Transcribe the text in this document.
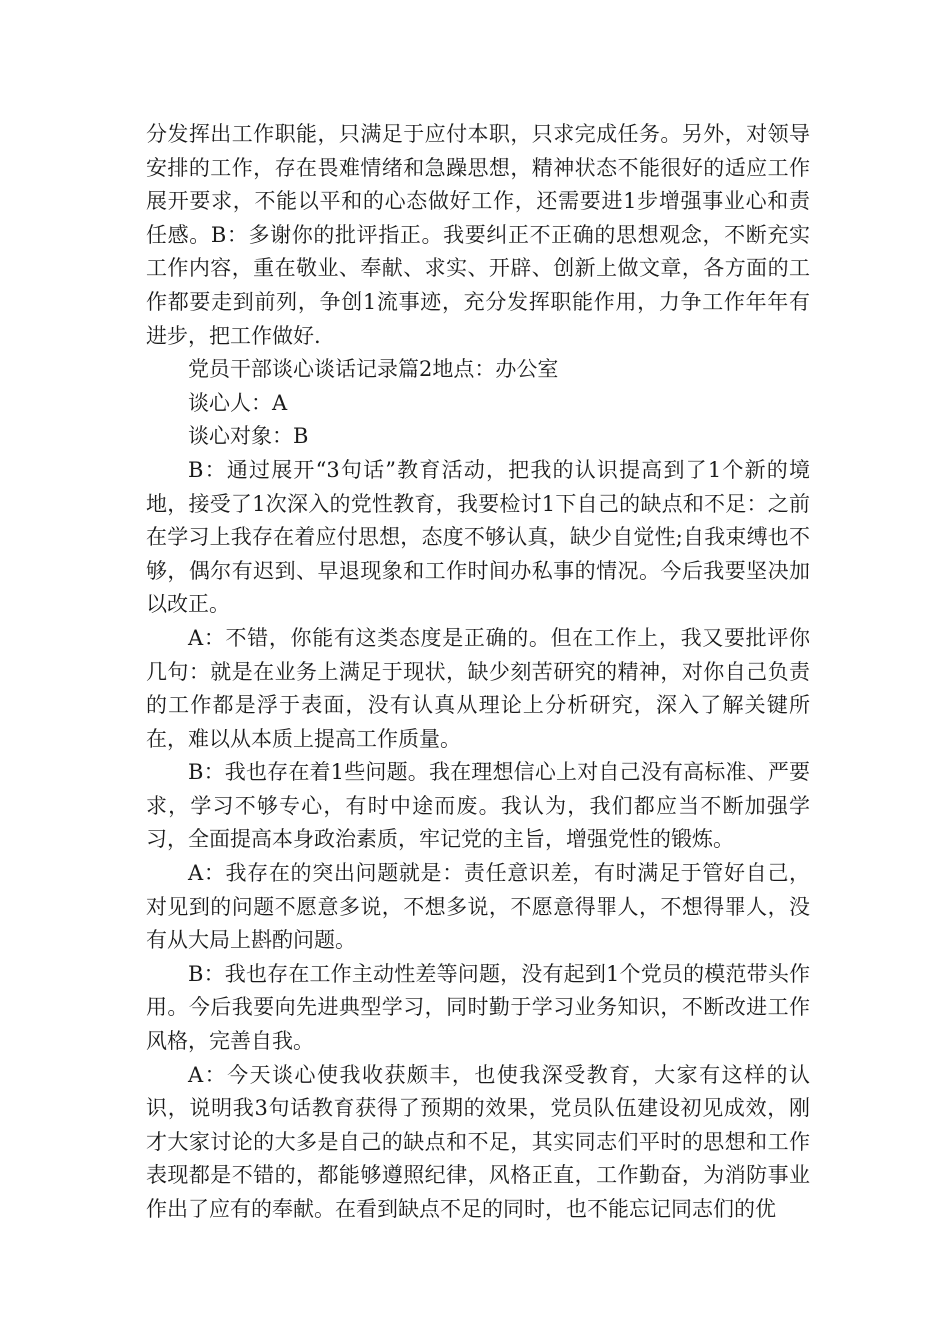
分发挥出工作职能，只满足于应付本职，只求完成任务。另外，对领导安排的工作，存在畏难情绪和急躁思想，精神状态不能很好的适应工作展开要求，不能以平和的心态做好工作，还需要进1步增强事业心和责任感。B：多谢你的批评指正。我要纠正不正确的思想观念，不断充实工作内容，重在敬业、奉献、求实、开辟、创新上做文章，各方面的工作都要走到前列，争创1流事迹，充分发挥职能作用，力争工作年年有进步，把工作做好.

党员干部谈心谈话记录篇2地点：办公室

谈心人：A

谈心对象：B

B：通过展开“3句话”教育活动，把我的认识提高到了1个新的境地，接受了1次深入的党性教育，我要检讨1下自己的缺点和不足：之前在学习上我存在着应付思想，态度不够认真，缺少自觉性;自我束缚也不够，偶尔有迟到、早退现象和工作时间办私事的情况。今后我要坚决加以改正。

A：不错，你能有这类态度是正确的。但在工作上，我又要批评你几句：就是在业务上满足于现状，缺少刻苦研究的精神，对你自己负责的工作都是浮于表面，没有认真从理论上分析研究，深入了解关键所在，难以从本质上提高工作质量。

B：我也存在着1些问题。我在理想信心上对自己没有高标准、严要求，学习不够专心，有时中途而废。我认为，我们都应当不断加强学习，全面提高本身政治素质，牢记党的主旨，增强党性的锻炼。

A：我存在的突出问题就是：责任意识差，有时满足于管好自己，对见到的问题不愿意多说，不想多说，不愿意得罪人，不想得罪人，没有从大局上斟酌问题。

B：我也存在工作主动性差等问题，没有起到1个党员的模范带头作用。今后我要向先进典型学习，同时勤于学习业务知识，不断改进工作风格，完善自我。

A：今天谈心使我收获颇丰，也使我深受教育，大家有这样的认识，说明我3句话教育获得了预期的效果，党员队伍建设初见成效，刚才大家讨论的大多是自己的缺点和不足，其实同志们平时的思想和工作表现都是不错的，都能够遵照纪律，风格正直，工作勤奋，为消防事业作出了应有的奉献。在看到缺点不足的同时，也不能忘记同志们的优
